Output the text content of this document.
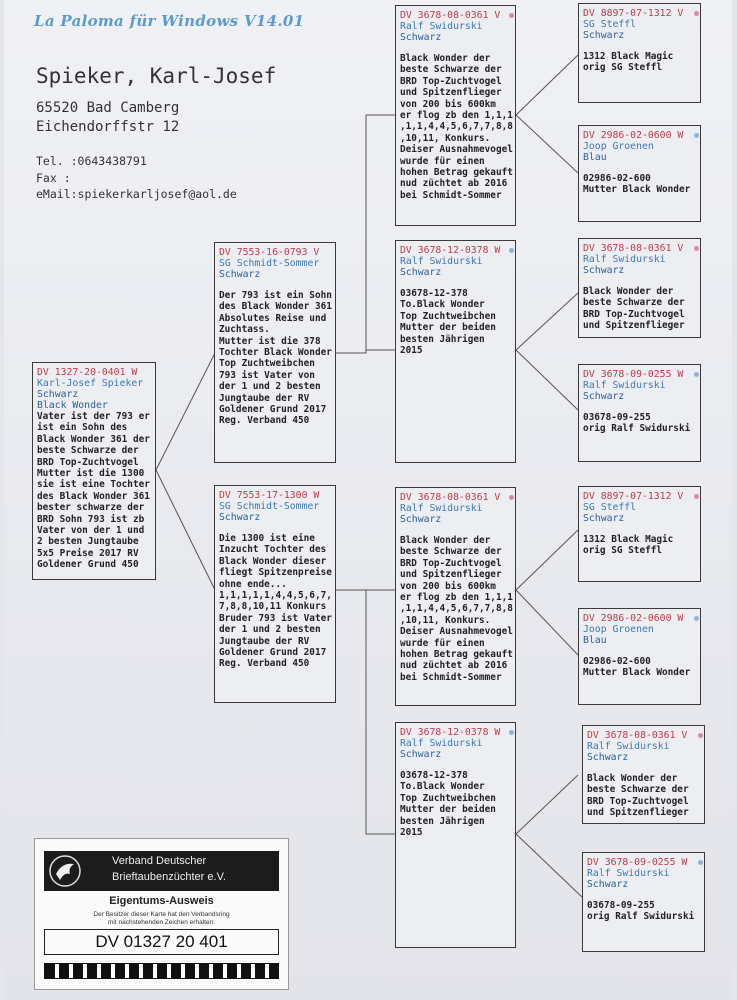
La Paloma für Windows V14.01
Spieker, Karl-Josef
65520 Bad Camberg
Eichendorffstr 12
Tel. :0643438791
Fax :
eMail:spiekerkarljosef@aol.de
DV 1327-20-0401 W
Karl-Josef Spieker
Schwarz
Black Wonder
Vater ist der 793 er
ist ein Sohn des
Black Wonder 361 der
beste Schwarze der
BRD Top-Zuchtvogel
Mutter ist die 1300
sie ist eine Tochter
des Black Wonder 361
bester schwarze der
BRD Sohn 793 ist zb
Vater von der 1 und
2 besten Jungtaube
5x5 Preise 2017 RV
Goldener Grund 450
DV 7553-16-0793 V
SG Schmidt-Sommer
Schwarz
Der 793 ist ein Sohn
des Black Wonder 361
Absolutes Reise und
Zuchtass.
Mutter ist die 378
Tochter Black Wonder
Top Zuchtweibchen
793 ist Vater von
der 1 und 2 besten
Jungtaube der RV
Goldener Grund 2017
Reg. Verband 450
DV 7553-17-1300 W
SG Schmidt-Sommer
Schwarz
Die 1300 ist eine
Inzucht Tochter des
Black Wonder dieser
fliegt Spitzenpreise
ohne ende...
1,1,1,1,1,4,4,5,6,7,
7,8,8,10,11 Konkurs
Bruder 793 ist Vater
der 1 und 2 besten
Jungtaube der RV
Goldener Grund 2017
Reg. Verband 450
DV 3678-08-0361 V
Ralf Swidurski
Schwarz
Black Wonder der
beste Schwarze der
BRD Top-Zuchtvogel
und Spitzenflieger
von 200 bis 600km
er flog zb den 1,1,1
,1,1,4,4,5,6,7,7,8,8
,10,11, Konkurs.
Deiser Ausnahmevogel
wurde für einen
hohen Betrag gekauft
nud züchtet ab 2016
bei Schmidt-Sommer
DV 3678-12-0378 W
Ralf Swidurski
Schwarz
03678-12-378
To.Black Wonder
Top Zuchtweibchen
Mutter der beiden
besten Jährigen
2015
DV 3678-08-0361 V
Ralf Swidurski
Schwarz
Black Wonder der
beste Schwarze der
BRD Top-Zuchtvogel
und Spitzenflieger
von 200 bis 600km
er flog zb den 1,1,1
,1,1,4,4,5,6,7,7,8,8
,10,11, Konkurs.
Deiser Ausnahmevogel
wurde für einen
hohen Betrag gekauft
nud züchtet ab 2016
bei Schmidt-Sommer
DV 3678-12-0378 W
Ralf Swidurski
Schwarz
03678-12-378
To.Black Wonder
Top Zuchtweibchen
Mutter der beiden
besten Jährigen
2015
DV 8897-07-1312 V
SG Steffl
Schwarz
1312 Black Magic
orig SG Steffl
DV 2986-02-0600 W
Joop Groenen
Blau
02986-02-600
Mutter Black Wonder
DV 3678-08-0361 V
Ralf Swidurski
Schwarz
Black Wonder der
beste Schwarze der
BRD Top-Zuchtvogel
und Spitzenflieger
DV 3678-09-0255 W
Ralf Swidurski
Schwarz
03678-09-255
orig Ralf Swidurski
DV 8897-07-1312 V
SG Steffl
Schwarz
1312 Black Magic
orig SG Steffl
DV 2986-02-0600 W
Joop Groenen
Blau
02986-02-600
Mutter Black Wonder
DV 3678-08-0361 V
Ralf Swidurski
Schwarz
Black Wonder der
beste Schwarze der
BRD Top-Zuchtvogel
und Spitzenflieger
DV 3678-09-0255 W
Ralf Swidurski
Schwarz
03678-09-255
orig Ralf Swidurski
Verband Deutscher
Brieftaubenzüchter e.V.
Eigentums-Ausweis
Der Besitzer dieser Karte hat den Verbandsring
mit nachstehenden Zeichen erhalten:
DV 01327 20 401
